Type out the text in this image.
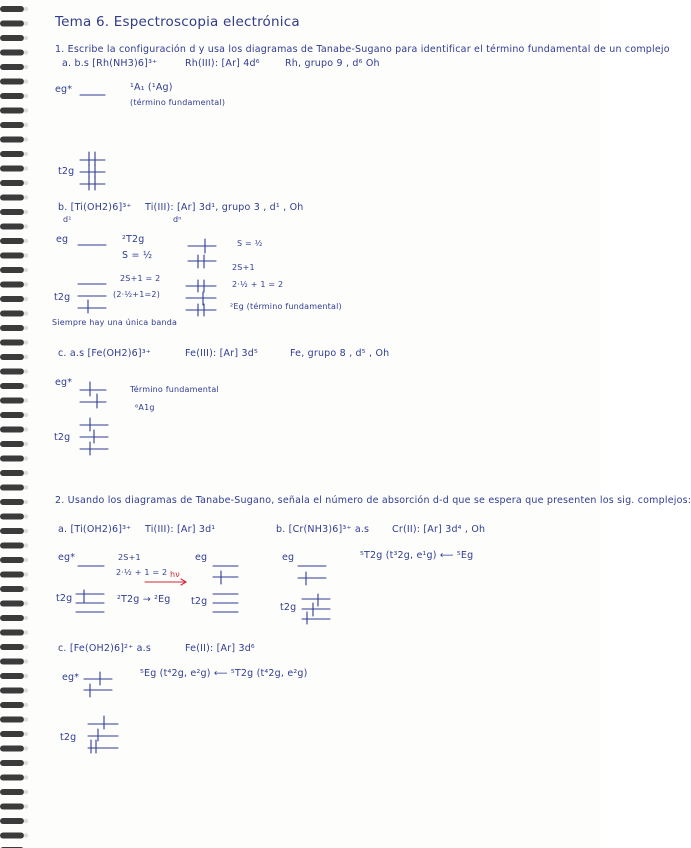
Tema 6. Espectroscopia electrónica
1. Escribe la configuración d y usa los diagramas de Tanabe-Sugano para identificar el término fundamental de un complejo
a. b.s [Rh(NH3)6]³⁺	Rh(III): [Ar] 4d⁶	Rh, grupo 9 , d⁶ Oh
eg*	¹A₁ (¹Ag)
(término fundamental)
t2g
b. [Ti(OH2)6]³⁺ Ti(III): [Ar] 3d¹, grupo 3 , d¹ , Oh
d¹	dⁿ
eg	²T2g
S = ½
2S+1 = 2
(2·½+1=2)
t2g
S = ½
2S+1
2·½ + 1 = 2
²Eg (término fundamental)
Siempre hay una única banda
c. a.s [Fe(OH2)6]³⁺	Fe(III): [Ar] 3d⁵	Fe, grupo 8 , d⁵ , Oh
eg*
Término fundamental
⁶A1g
t2g
2. Usando los diagramas de Tanabe-Sugano, señala el número de absorción d-d que se espera que presenten los sig. complejos:
a. [Ti(OH2)6]³⁺ Ti(III): [Ar] 3d¹
eg*	2S+1
2·½ + 1 = 2 hν
t2g	²T2g → ²Eg
eg
t2g
b. [Cr(NH3)6]³⁺ a.s Cr(II): [Ar] 3d⁴ , Oh
eg	⁵T2g (t³2g, e¹g) ⟵ ⁵Eg
t2g
c. [Fe(OH2)6]²⁺ a.s	Fe(II): [Ar] 3d⁶
eg*	⁵Eg (t⁴2g, e²g) ⟵ ⁵T2g (t⁴2g, e²g)
t2g
